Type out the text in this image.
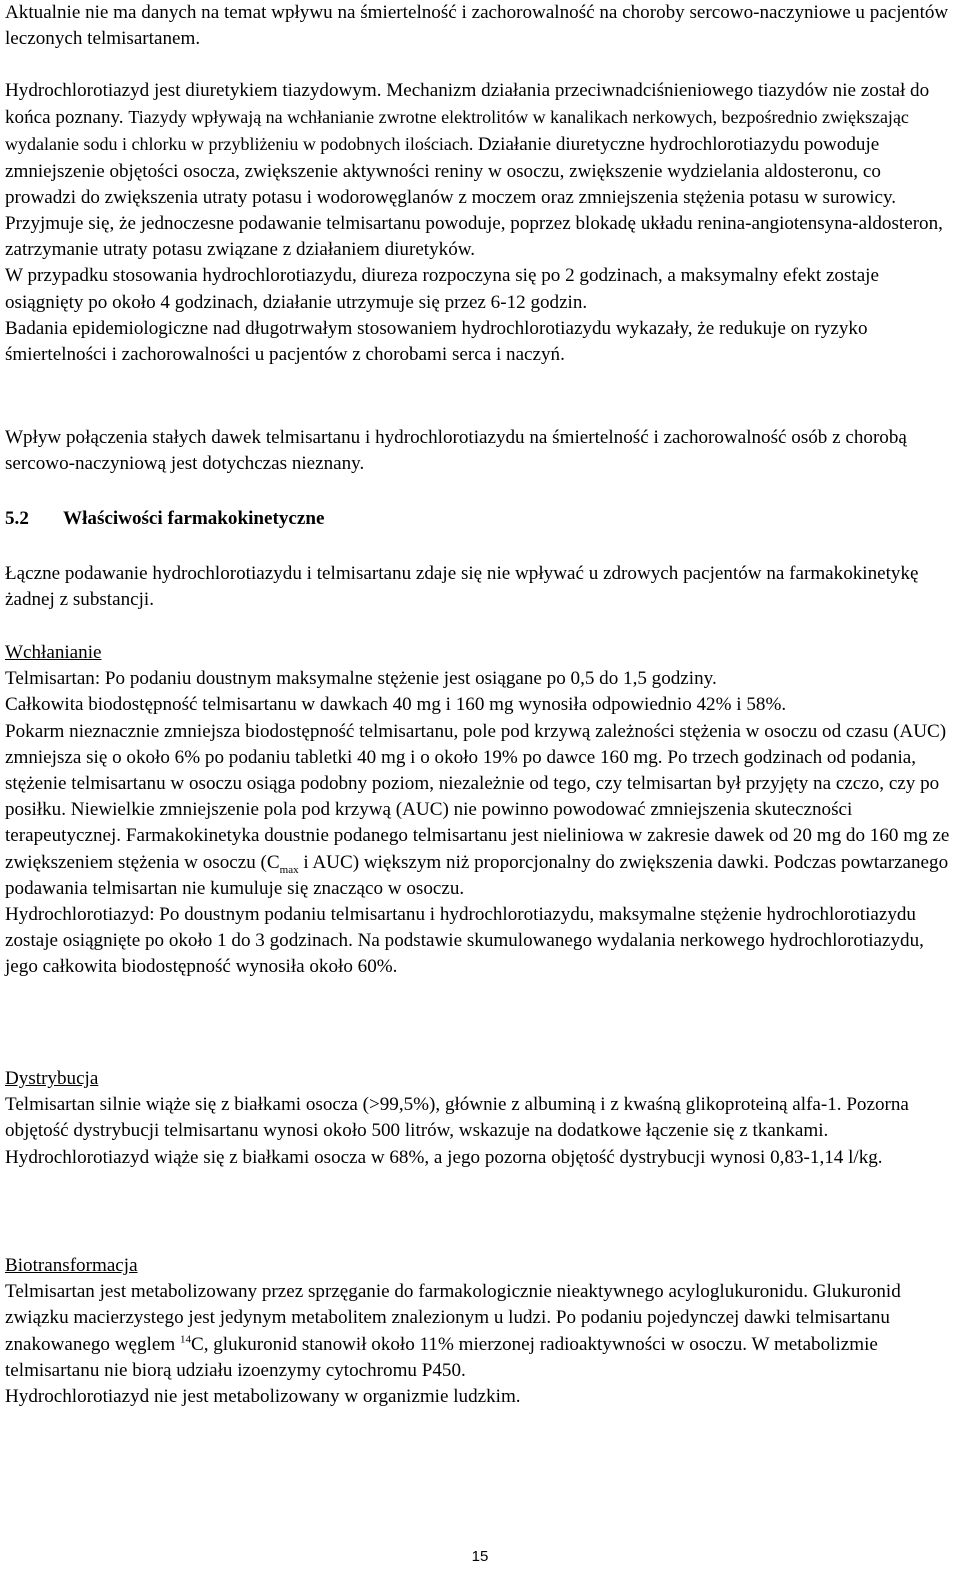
Aktualnie nie ma danych na temat wpływu na śmiertelność i zachorowalność na choroby sercowo-naczyniowe u pacjentów leczonych telmisartanem.

Hydrochlorotiazyd jest diuretykiem tiazydowym. Mechanizm działania przeciwnadciśnieniowego tiazydów nie został do końca poznany. Tiazydy wpływają na wchłanianie zwrotne elektrolitów w kanalikach nerkowych, bezpośrednio zwiększając wydalanie sodu i chlorku w przybliżeniu w podobnych ilościach. Działanie diuretyczne hydrochlorotiazydu powoduje zmniejszenie objętości osocza, zwiększenie aktywności reniny w osoczu, zwiększenie wydzielania aldosteronu, co prowadzi do zwiększenia utraty potasu i wodorowęglanów z moczem oraz zmniejszenia stężenia potasu w surowicy. Przyjmuje się, że jednoczesne podawanie telmisartanu powoduje, poprzez blokadę układu renina-angiotensyna-aldosteron, zatrzymanie utraty potasu związane z działaniem diuretyków.

W przypadku stosowania hydrochlorotiazydu, diureza rozpoczyna się po 2 godzinach, a maksymalny efekt zostaje osiągnięty po około 4 godzinach, działanie utrzymuje się przez 6-12 godzin.

Badania epidemiologiczne nad długotrwałym stosowaniem hydrochlorotiazydu wykazały, że redukuje on ryzyko śmiertelności i zachorowalności u pacjentów z chorobami serca i naczyń.

Wpływ połączenia stałych dawek telmisartanu i hydrochlorotiazydu na śmiertelność i zachorowalność osób z chorobą sercowo-naczyniową jest dotychczas nieznany.

5.2 Właściwości farmakokinetyczne

Łączne podawanie hydrochlorotiazydu i telmisartanu zdaje się nie wpływać u zdrowych pacjentów na farmakokinetykę żadnej z substancji.

Wchłanianie

Telmisartan: Po podaniu doustnym maksymalne stężenie jest osiągane po 0,5 do 1,5 godziny.

Całkowita biodostępność telmisartanu w dawkach 40 mg i 160 mg wynosiła odpowiednio 42% i 58%.

Pokarm nieznacznie zmniejsza biodostępność telmisartanu, pole pod krzywą zależności stężenia w osoczu od czasu (AUC) zmniejsza się o około 6% po podaniu tabletki 40 mg i o około 19% po dawce 160 mg. Po trzech godzinach od podania, stężenie telmisartanu w osoczu osiąga podobny poziom, niezależnie od tego, czy telmisartan był przyjęty na czczo, czy po posiłku. Niewielkie zmniejszenie pola pod krzywą (AUC) nie powinno powodować zmniejszenia skuteczności terapeutycznej. Farmakokinetyka doustnie podanego telmisartanu jest nieliniowa w zakresie dawek od 20 mg do 160 mg ze zwiększeniem stężenia w osoczu ($C_{max}$ i AUC) większym niż proporcjonalny do zwiększenia dawki. Podczas powtarzanego podawania telmisartan nie kumuluje się znacząco w osoczu.

Hydrochlorotiazyd: Po doustnym podaniu telmisartanu i hydrochlorotiazydu, maksymalne stężenie hydrochlorotiazydu zostaje osiągnięte po około 1 do 3 godzinach. Na podstawie skumulowanego wydalania nerkowego hydrochlorotiazydu, jego całkowita biodostępność wynosiła około 60%.

Dystrybucja

Telmisartan silnie wiąże się z białkami osocza (>99,5%), głównie z albuminą i z kwaśną glikoproteiną alfa-1. Pozorna objętość dystrybucji telmisartanu wynosi około 500 litrów, wskazuje na dodatkowe łączenie się z tkankami.

Hydrochlorotiazyd wiąże się z białkami osocza w 68%, a jego pozorna objętość dystrybucji wynosi 0,83-1,14 l/kg.

Biotransformacja

Telmisartan jest metabolizowany przez sprzęganie do farmakologicznie nieaktywnego acyloglukuronidu. Glukuronid związku macierzystego jest jedynym metabolitem znalezionym u ludzi. Po podaniu pojedynczej dawki telmisartanu znakowanego węglem $^{14}$C, glukuronid stanowił około 11% mierzonej radioaktywności w osoczu. W metabolizmie telmisartanu nie biorą udziału izoenzymy cytochromu P450.

Hydrochlorotiazyd nie jest metabolizowany w organizmie ludzkim.

15
